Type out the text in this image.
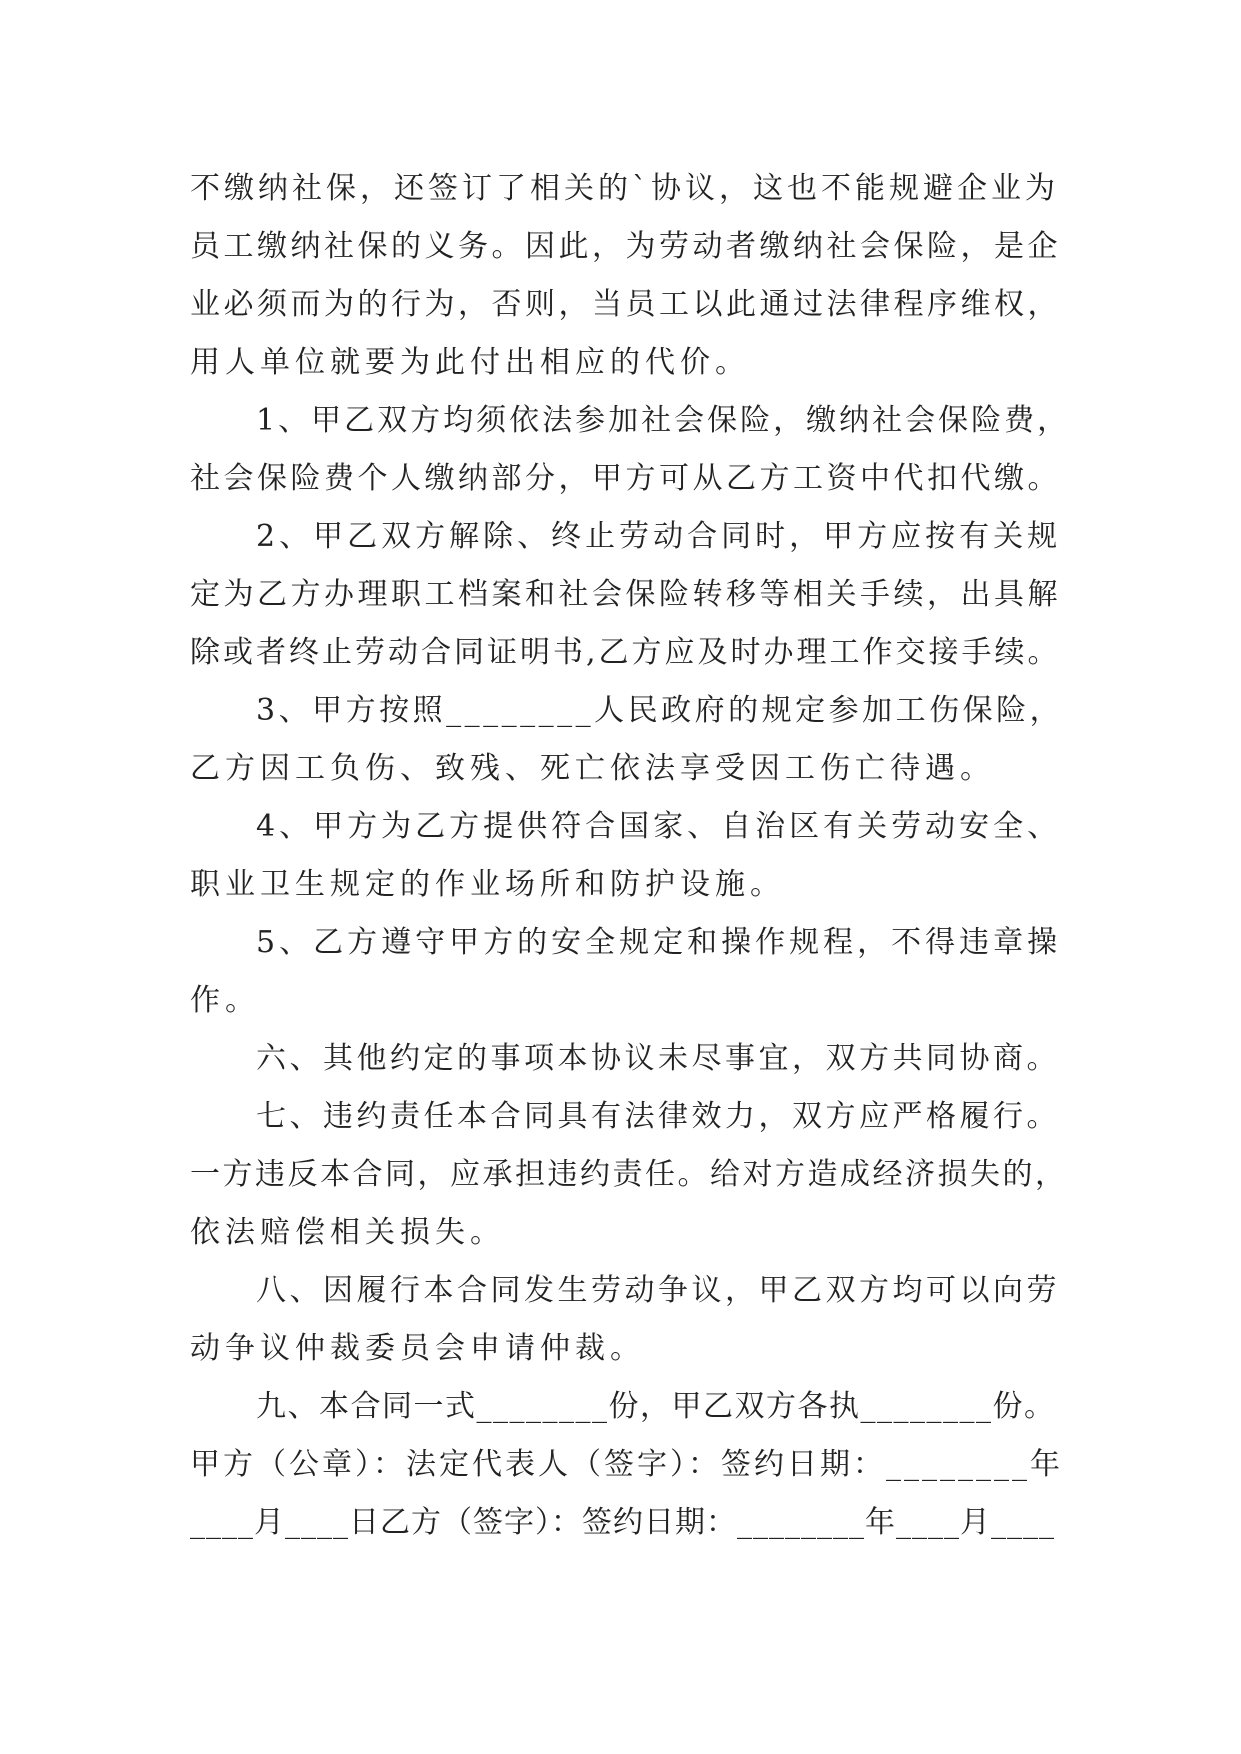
不缴纳社保，还签订了相关的`协议，这也不能规避企业为
员工缴纳社保的义务。因此，为劳动者缴纳社会保险，是企
业必须而为的行为，否则，当员工以此通过法律程序维权，
用人单位就要为此付出相应的代价。
1、甲乙双方均须依法参加社会保险，缴纳社会保险费，
社会保险费个人缴纳部分，甲方可从乙方工资中代扣代缴。
2、甲乙双方解除、终止劳动合同时，甲方应按有关规
定为乙方办理职工档案和社会保险转移等相关手续，出具解
除或者终止劳动合同证明书,乙方应及时办理工作交接手续。
3、甲方按照________人民政府的规定参加工伤保险，
乙方因工负伤、致残、死亡依法享受因工伤亡待遇。
4、甲方为乙方提供符合国家、自治区有关劳动安全、
职业卫生规定的作业场所和防护设施。
5、乙方遵守甲方的安全规定和操作规程，不得违章操
作。
六、其他约定的事项本协议未尽事宜，双方共同协商。
七、违约责任本合同具有法律效力，双方应严格履行。
一方违反本合同，应承担违约责任。给对方造成经济损失的，
依法赔偿相关损失。
八、因履行本合同发生劳动争议，甲乙双方均可以向劳
动争议仲裁委员会申请仲裁。
九、本合同一式________份，甲乙双方各执________份。
甲方（公章）：法定代表人（签字）：签约日期：________年
____月____日乙方（签字）：签约日期：________年____月____
